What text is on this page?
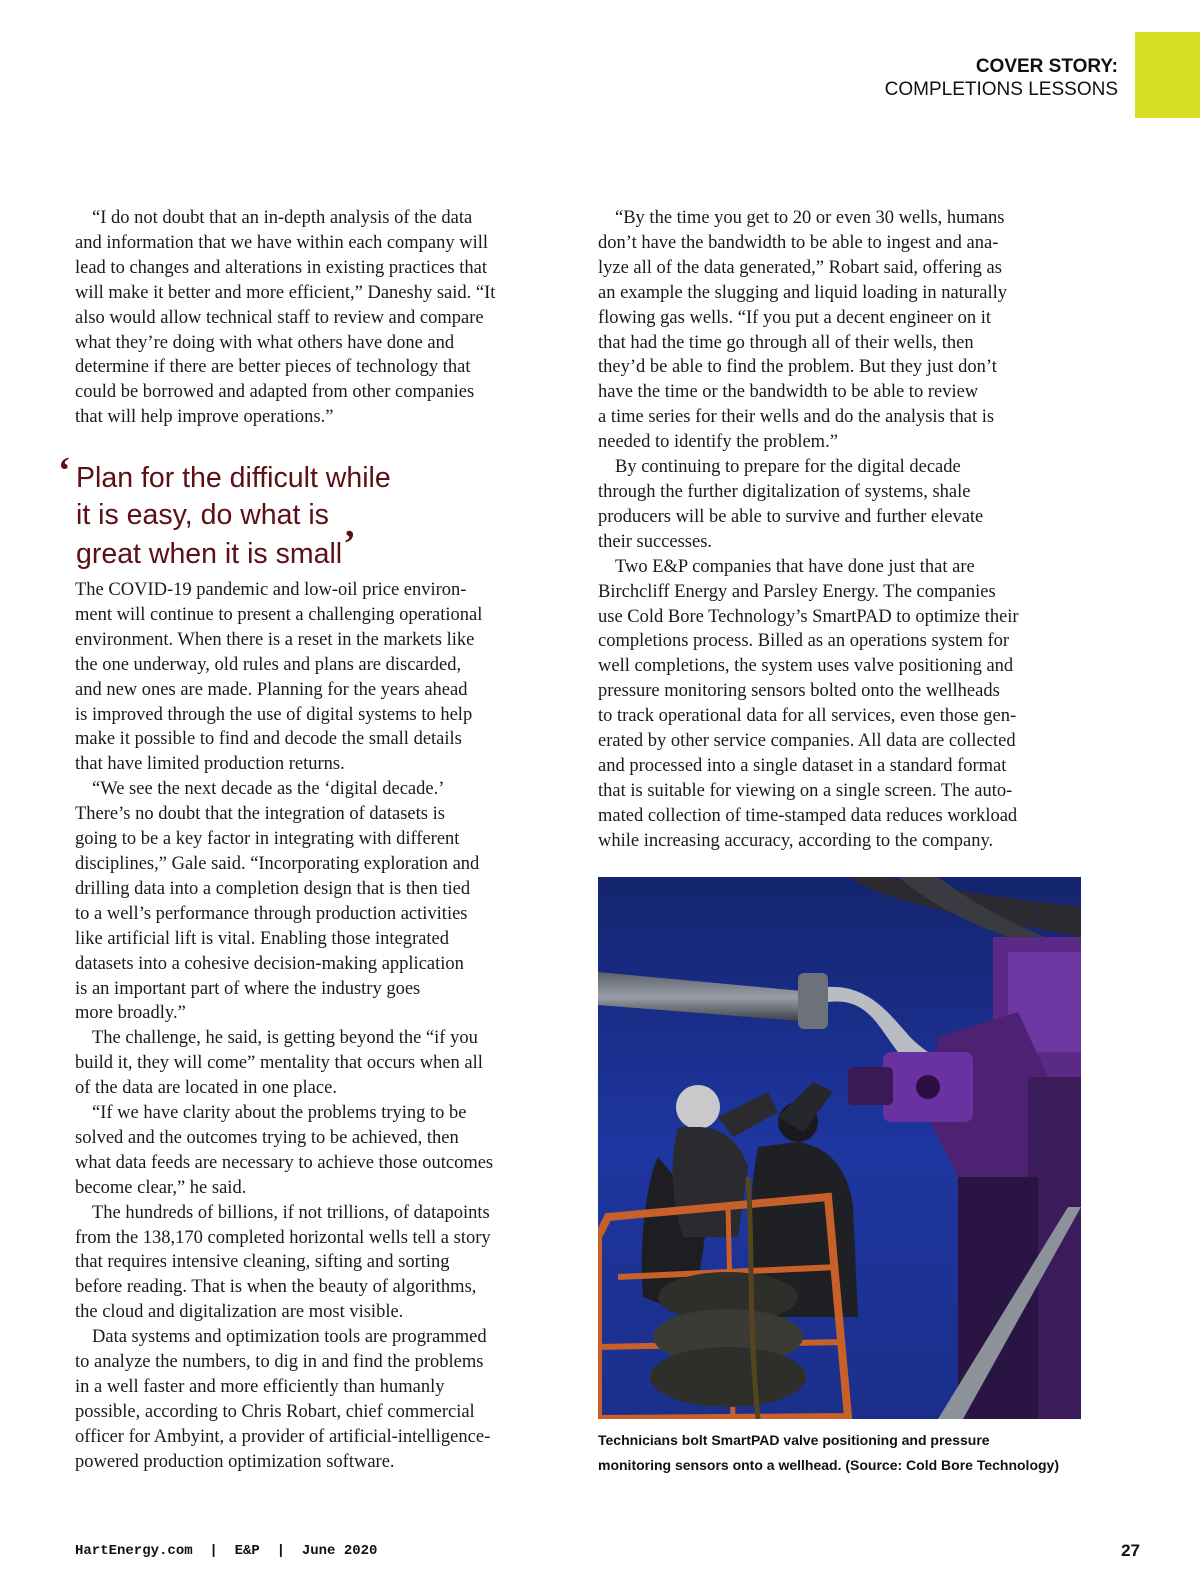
COVER STORY:
COMPLETIONS LESSONS

“I do not doubt that an in-depth analysis of the data

and information that we have within each company will

lead to changes and alterations in existing practices that

will make it better and more efficient,” Daneshy said. “It

also would allow technical staff to review and compare

what they’re doing with what others have done and

determine if there are better pieces of technology that

could be borrowed and adapted from other companies

that will help improve operations.”

‘ Plan for the difficult while
it is easy, do what is
great when it is small’

The COVID-19 pandemic and low-oil price environ-

ment will continue to present a challenging operational

environment. When there is a reset in the markets like

the one underway, old rules and plans are discarded,

and new ones are made. Planning for the years ahead

is improved through the use of digital systems to help

make it possible to find and decode the small details

that have limited production returns.

“We see the next decade as the ‘digital decade.’

There’s no doubt that the integration of datasets is

going to be a key factor in integrating with different

disciplines,” Gale said. “Incorporating exploration and

drilling data into a completion design that is then tied

to a well’s performance through production activities

like artificial lift is vital. Enabling those integrated

datasets into a cohesive decision-making application

is an important part of where the industry goes

more broadly.”

The challenge, he said, is getting beyond the “if you

build it, they will come” mentality that occurs when all

of the data are located in one place.

“If we have clarity about the problems trying to be

solved and the outcomes trying to be achieved, then

what data feeds are necessary to achieve those outcomes

become clear,” he said.

The hundreds of billions, if not trillions, of datapoints

from the 138,170 completed horizontal wells tell a story

that requires intensive cleaning, sifting and sorting

before reading. That is when the beauty of algorithms,

the cloud and digitalization are most visible.

Data systems and optimization tools are programmed

to analyze the numbers, to dig in and find the problems

in a well faster and more efficiently than humanly

possible, according to Chris Robart, chief commercial

officer for Ambyint, a provider of artificial-intelligence-

powered production optimization software.

“By the time you get to 20 or even 30 wells, humans

don’t have the bandwidth to be able to ingest and ana-

lyze all of the data generated,” Robart said, offering as

an example the slugging and liquid loading in naturally

flowing gas wells. “If you put a decent engineer on it

that had the time go through all of their wells, then

they’d be able to find the problem. But they just don’t

have the time or the bandwidth to be able to review

a time series for their wells and do the analysis that is

needed to identify the problem.”

By continuing to prepare for the digital decade

through the further digitalization of systems, shale

producers will be able to survive and further elevate

their successes.

Two E&P companies that have done just that are

Birchcliff Energy and Parsley Energy. The companies

use Cold Bore Technology’s SmartPAD to optimize their

completions process. Billed as an operations system for

well completions, the system uses valve positioning and

pressure monitoring sensors bolted onto the wellheads

to track operational data for all services, even those gen-

erated by other service companies. All data are collected

and processed into a single dataset in a standard format

that is suitable for viewing on a single screen. The auto-

mated collection of time-stamped data reduces workload

while increasing accuracy, according to the company.

Technicians bolt SmartPAD valve positioning and pressure
monitoring sensors onto a wellhead. (Source: Cold Bore Technology)
HartEnergy.com  |  E&P  |  June 2020	27
